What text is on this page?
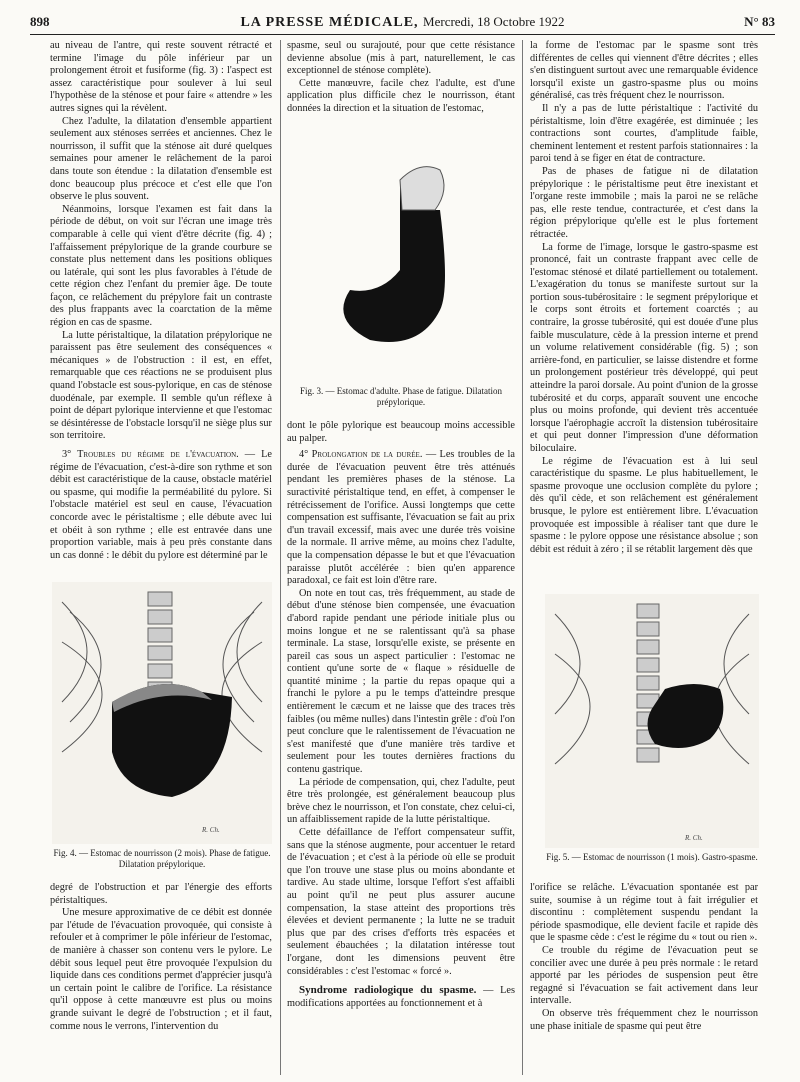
898	LA PRESSE MÉDICALE, Mercredi, 18 Octobre 1922	N° 83

au niveau de l'antre, qui reste souvent rétracté et termine l'image du pôle inférieur par un prolongement étroit et fusiforme (fig. 3) : l'aspect est assez caractéristique pour soulever à lui seul l'hypothèse de la sténose et pour faire « attendre » les autres signes qui la révèlent.

Chez l'adulte, la dilatation d'ensemble appartient seulement aux sténoses serrées et anciennes. Chez le nourrisson, il suffit que la sténose ait duré quelques semaines pour amener le relâchement de la paroi dans toute son étendue : la dilatation d'ensemble est donc beaucoup plus précoce et c'est elle que l'on observe le plus souvent.

Néanmoins, lorsque l'examen est fait dans la période de début, on voit sur l'écran une image très comparable à celle qui vient d'être décrite (fig. 4) ; l'affaissement prépylorique de la grande courbure se constate plus nettement dans les positions obliques ou latérale, qui sont les plus favorables à l'étude de cette région chez l'enfant du premier âge. De toute façon, ce relâchement du prépylore fait un contraste des plus frappants avec la coarctation de la même région en cas de spasme.

La lutte péristaltique, la dilatation prépylorique ne paraissent pas être seulement des conséquences « mécaniques » de l'obstruction : il est, en effet, remarquable que ces réactions ne se produisent plus quand l'obstacle est sous-pylorique, en cas de sténose duodénale, par exemple. Il semble qu'un réflexe à point de départ pylorique intervienne et que l'estomac se désintéresse de l'obstacle lorsqu'il ne siège plus sur son territoire.

3° Troubles du régime de l'évacuation. — Le régime de l'évacuation, c'est-à-dire son rythme et son débit est caractéristique de la cause, obstacle matériel ou spasme, qui modifie la perméabilité du pylore. Si l'obstacle matériel est seul en cause, l'évacuation concorde avec le péristaltisme ; elle débute avec lui et obéit à son rythme ; elle est entravée dans une proportion variable, mais à peu près constante dans un cas donné : le débit du pylore est déterminé par le

R. Ch.
Fig. 4. — Estomac de nourrisson (2 mois). Phase de fatigue. Dilatation prépylorique.

degré de l'obstruction et par l'énergie des efforts péristaltiques.

Une mesure approximative de ce débit est donnée par l'étude de l'évacuation provoquée, qui consiste à refouler et à comprimer le pôle inférieur de l'estomac, de manière à chasser son contenu vers le pylore. Le débit sous lequel peut être provoquée l'expulsion du liquide dans ces conditions permet d'apprécier jusqu'à un certain point le calibre de l'orifice. La résistance qu'il oppose à cette manœuvre est plus ou moins grande suivant le degré de l'obstruction ; et il faut, comme nous le verrons, l'intervention du

spasme, seul ou surajouté, pour que cette résistance devienne absolue (mis à part, naturellement, le cas exceptionnel de sténose complète).

Cette manœuvre, facile chez l'adulte, est d'une application plus difficile chez le nourrisson, étant données la direction et la situation de l'estomac,

Fig. 3. — Estomac d'adulte. Phase de fatigue. Dilatation prépylorique.

dont le pôle pylorique est beaucoup moins accessible au palper.

4° Prolongation de la durée. — Les troubles de la durée de l'évacuation peuvent être très atténués pendant les premières phases de la sténose. La suractivité péristaltique tend, en effet, à compenser le rétrécissement de l'orifice. Aussi longtemps que cette compensation est suffisante, l'évacuation se fait au prix d'un travail excessif, mais avec une durée très voisine de la normale. Il arrive même, au moins chez l'adulte, que la compensation dépasse le but et que l'évacuation paraisse plutôt accélérée : bien qu'en apparence paradoxal, ce fait est loin d'être rare.

On note en tout cas, très fréquemment, au stade de début d'une sténose bien compensée, une évacuation d'abord rapide pendant une période initiale plus ou moins longue et ne se ralentissant qu'à sa phase terminale. La stase, lorsqu'elle existe, se présente en pareil cas sous un aspect particulier : l'estomac ne contient qu'une sorte de « flaque » résiduelle de quantité minime ; la partie du repas opaque qui a franchi le pylore a pu le temps d'atteindre presque entièrement le cæcum et ne laisse que des traces très faibles (ou même nulles) dans l'intestin grêle : d'où l'on peut conclure que le ralentissement de l'évacuation ne s'est manifesté que d'une manière très tardive et seulement pour les toutes dernières fractions du contenu gastrique.

La période de compensation, qui, chez l'adulte, peut être très prolongée, est généralement beaucoup plus brève chez le nourrisson, et l'on constate, chez celui-ci, un affaiblissement rapide de la lutte péristaltique.

Cette défaillance de l'effort compensateur suffit, sans que la sténose augmente, pour accentuer le retard de l'évacuation ; et c'est à la période où elle se produit que l'on trouve une stase plus ou moins abondante et tardive. Au stade ultime, lorsque l'effort s'est affaibli au point qu'il ne peut plus assurer aucune compensation, la stase atteint des proportions très élevées et devient permanente ; la lutte ne se traduit plus que par des crises d'efforts très espacées et seulement ébauchées ; la dilatation intéresse tout l'organe, dont les dimensions peuvent être considérables : c'est l'estomac « forcé ».

Syndrome radiologique du spasme. — Les modifications apportées au fonctionnement et à

la forme de l'estomac par le spasme sont très différentes de celles qui viennent d'être décrites ; elles s'en distinguent surtout avec une remarquable évidence lorsqu'il existe un gastro-spasme plus ou moins généralisé, cas très fréquent chez le nourrisson.

Il n'y a pas de lutte péristaltique : l'activité du péristaltisme, loin d'être exagérée, est diminuée ; les contractions sont courtes, d'amplitude faible, cheminent lentement et restent parfois stationnaires : la paroi tend à se figer en état de contracture.

Pas de phases de fatigue ni de dilatation prépylorique : le péristaltisme peut être inexistant et l'organe reste immobile ; mais la paroi ne se relâche pas, elle reste tendue, contracturée, et c'est dans la région prépylorique qu'elle est le plus fortement rétractée.

La forme de l'image, lorsque le gastro-spasme est prononcé, fait un contraste frappant avec celle de l'estomac sténosé et dilaté partiellement ou totalement. L'exagération du tonus se manifeste surtout sur la portion sous-tubérositaire : le segment prépylorique et le corps sont étroits et fortement coarctés ; au contraire, la grosse tubérosité, qui est douée d'une plus faible musculature, cède à la pression interne et prend un volume relativement considérable (fig. 5) ; son arrière-fond, en particulier, se laisse distendre et forme un prolongement postérieur très développé, qui peut atteindre la paroi dorsale. Au point d'union de la grosse tubérosité et du corps, apparaît souvent une encoche plus ou moins profonde, qui devient très accentuée lorsque l'aérophagie accroît la distension tubérositaire et qui peut donner l'impression d'une déformation biloculaire.

Le régime de l'évacuation est à lui seul caractéristique du spasme. Le plus habituellement, le spasme provoque une occlusion complète du pylore ; dès qu'il cède, et son relâchement est généralement brusque, le pylore est entièrement libre. L'évacuation provoquée est impossible à réaliser tant que dure le spasme : le pylore oppose une résistance absolue ; son débit est réduit à zéro ; il se rétablit largement dès que

R. Ch.
Fig. 5. — Estomac de nourrisson (1 mois). Gastro-spasme.

l'orifice se relâche. L'évacuation spontanée est par suite, soumise à un régime tout à fait irrégulier et discontinu : complètement suspendu pendant la période spasmodique, elle devient facile et rapide dès que le spasme cède : c'est le régime du « tout ou rien ».

Ce trouble du régime de l'évacuation peut se concilier avec une durée à peu près normale : le retard apporté par les périodes de suspension peut être regagné si l'évacuation se fait activement dans leur intervalle.

On observe très fréquemment chez le nourrisson une phase initiale de spasme qui peut être
